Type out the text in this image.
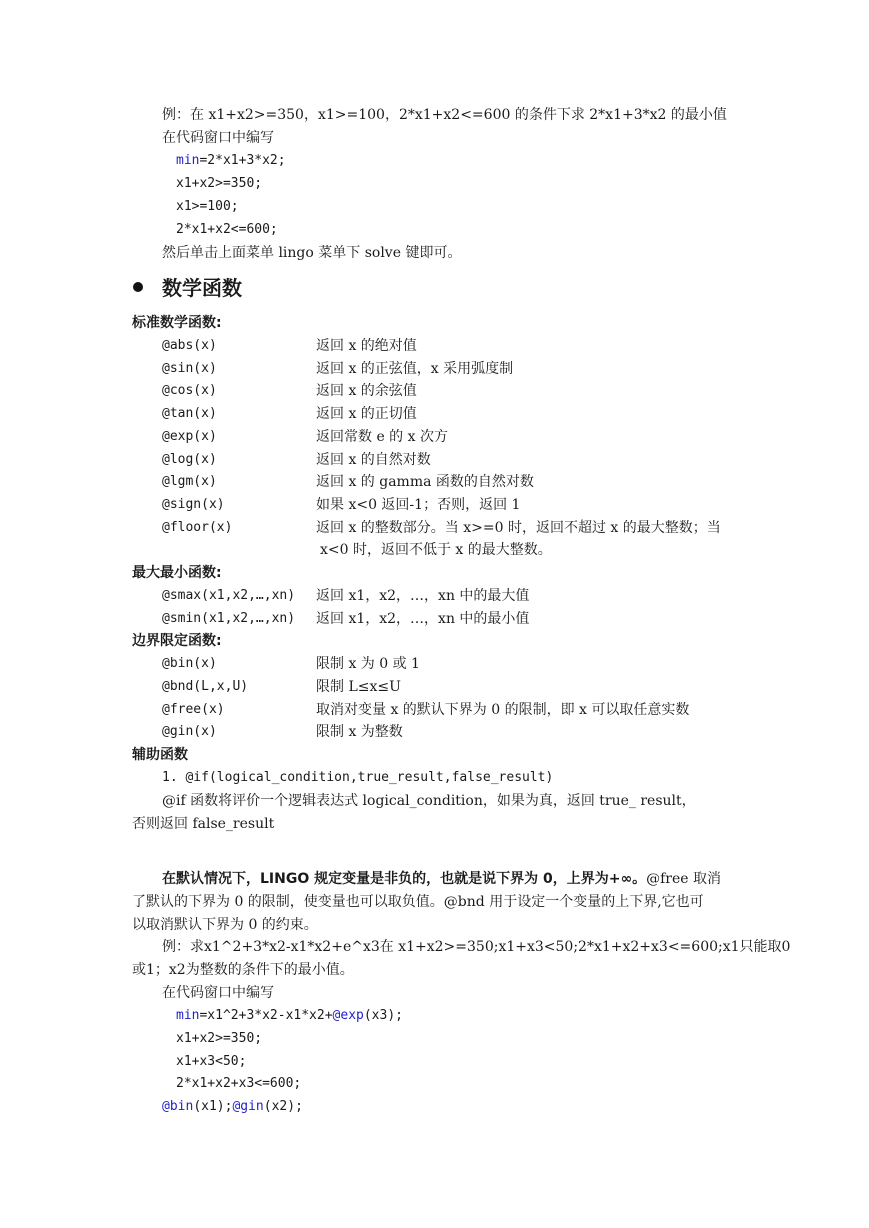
例：在 x1+x2>=350，x1>=100，2*x1+x2<=600 的条件下求 2*x1+3*x2 的最小值
在代码窗口中编写
min=2*x1+3*x2;
x1+x2>=350;
x1>=100;
2*x1+x2<=600;
然后单击上面菜单 lingo 菜单下 solve 键即可。
数学函数
标准数学函数:
@abs(x)	返回 x 的绝对值
@sin(x)	返回 x 的正弦值，x 采用弧度制
@cos(x)	返回 x 的余弦值
@tan(x)	返回 x 的正切值
@exp(x)	返回常数 e 的 x 次方
@log(x)	返回 x 的自然对数
@lgm(x)	返回 x 的 gamma 函数的自然对数
@sign(x)	如果 x<0 返回-1；否则，返回 1
@floor(x)	返回 x 的整数部分。当 x>=0 时，返回不超过 x 的最大整数；当
x<0 时，返回不低于 x 的最大整数。
最大最小函数:
@smax(x1,x2,…,xn) 返回 x1，x2，…，xn 中的最大值
@smin(x1,x2,…,xn) 返回 x1，x2，…，xn 中的最小值
边界限定函数:
@bin(x)	限制 x 为 0 或 1
@bnd(L,x,U)	限制 L≤x≤U
@free(x)	取消对变量 x 的默认下界为 0 的限制，即 x 可以取任意实数
@gin(x)	限制 x 为整数
辅助函数
1. @if(logical_condition,true_result,false_result)
@if 函数将评价一个逻辑表达式 logical_condition，如果为真，返回 true_ result，
否则返回 false_result
在默认情况下，LINGO 规定变量是非负的，也就是说下界为 0，上界为+∞。@free 取消
了默认的下界为 0 的限制，使变量也可以取负值。@bnd 用于设定一个变量的上下界,它也可
以取消默认下界为 0 的约束。
例：求x1^2+3*x2-x1*x2+e^x3在 x1+x2>=350;x1+x3<50;2*x1+x2+x3<=600;x1只能取0
或1；x2为整数的条件下的最小值。
在代码窗口中编写
min=x1^2+3*x2-x1*x2+@exp(x3);
x1+x2>=350;
x1+x3<50;
2*x1+x2+x3<=600;
@bin(x1);@gin(x2);
